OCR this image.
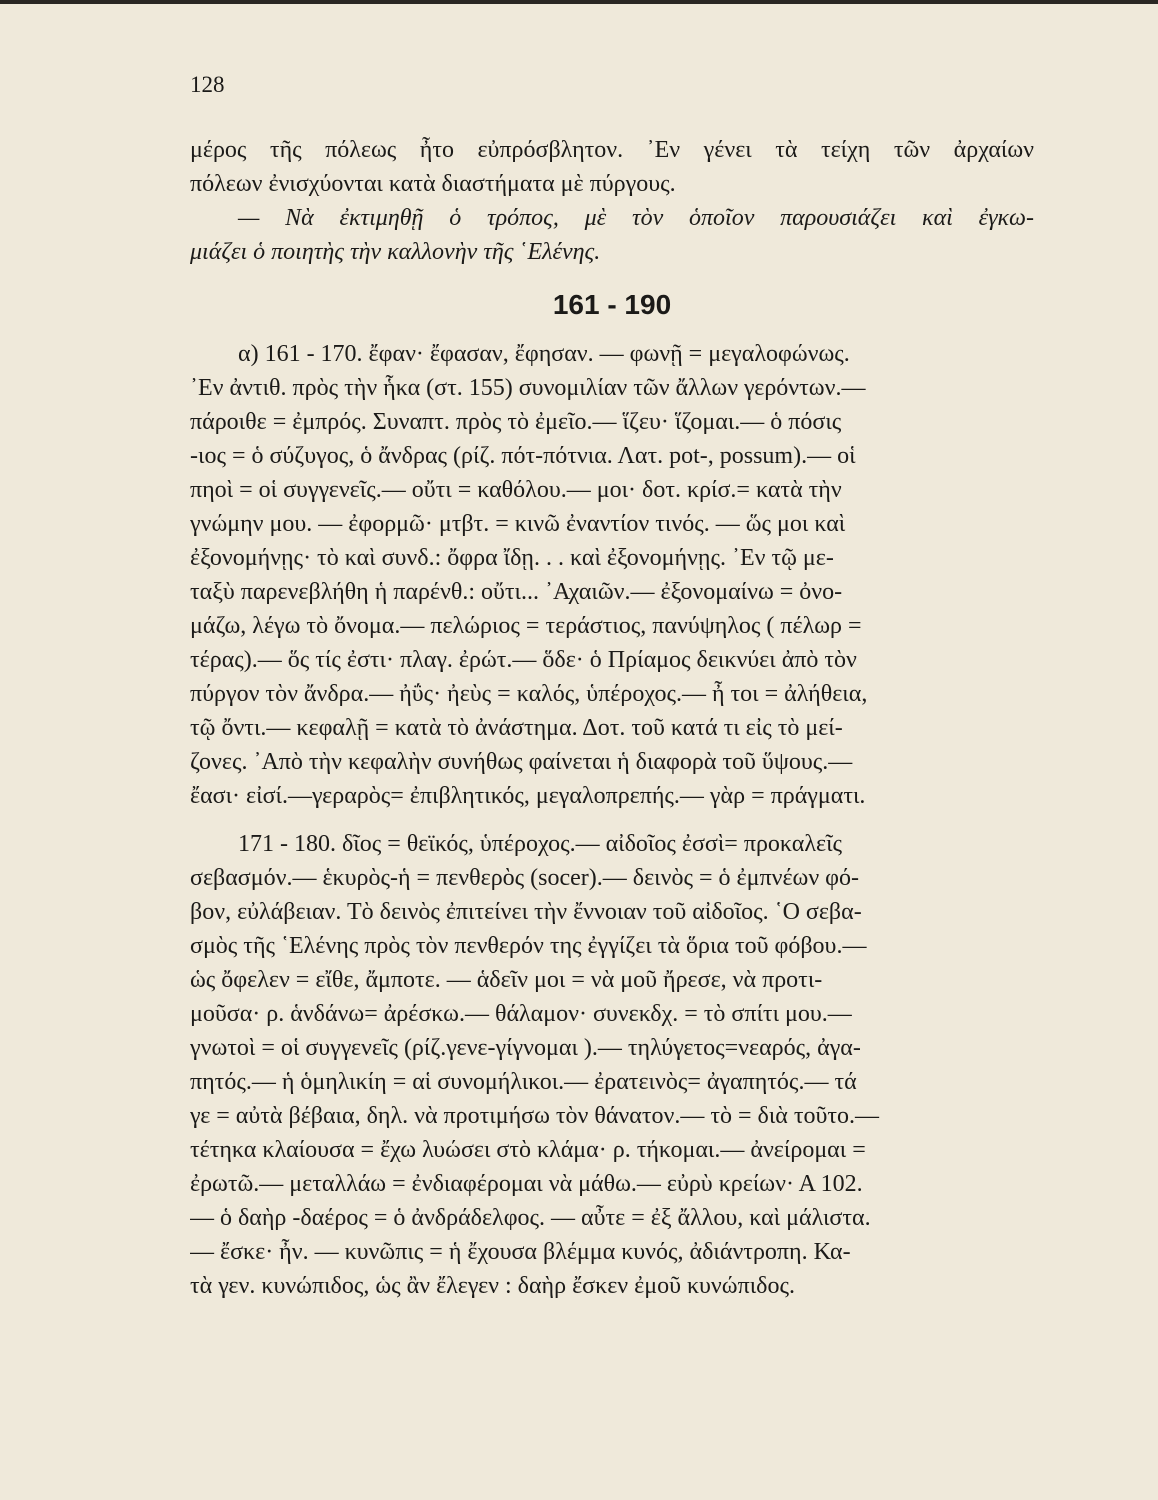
128
μέρος τῆς πόλεως ἦτο εὐπρόσβλητον. ᾿Εν γένει τὰ τείχη τῶν ἀρχαίων
πόλεων ἐνισχύονται κατὰ διαστήματα μὲ πύργους.
— Νὰ ἐκτιμηθῇ ὁ τρόπος, μὲ τὸν ὁποῖον παρουσιάζει καὶ ἐγκω-
μιάζει ὁ ποιητὴς τὴν καλλονὴν τῆς ῾Ελένης.
161 - 190
α) 161 - 170. ἔφαν· ἔφασαν, ἔφησαν. — φωνῇ = μεγαλοφώνως.
᾿Εν ἀντιθ. πρὸς τὴν ἧκα (στ. 155) συνομιλίαν τῶν ἄλλων γερόντων.—
πάροιθε = ἐμπρός. Συναπτ. πρὸς τὸ ἐμεῖο.— ἵζευ· ἵζομαι.— ὁ πόσις
-ιος = ὁ σύζυγος, ὁ ἄνδρας (ρίζ. πότ-πότνια. Λατ. pot-, possum).— οἱ
πηοὶ = οἱ συγγενεῖς.— οὔτι = καθόλου.— μοι· δοτ. κρίσ.= κατὰ τὴν
γνώμην μου. — ἐφορμῶ· μτβτ. = κινῶ ἐναντίον τινός. — ὥς μοι καὶ
ἐξονομήνῃς· τὸ καὶ συνδ.: ὄφρα ἴδῃ. . . καὶ ἐξονομήνῃς. ᾿Εν τῷ με-
ταξὺ παρενεβλήθη ἡ παρένθ.: οὔτι... ᾿Αχαιῶν.— ἐξονομαίνω = ὀνο-
μάζω, λέγω τὸ ὄνομα.— πελώριος = τεράστιος, πανύψηλος ( πέλωρ =
τέρας).— ὅς τίς ἐστι· πλαγ. ἐρώτ.— ὅδε· ὁ Πρίαμος δεικνύει ἀπὸ τὸν
πύργον τὸν ἄνδρα.— ἠΰς· ἠεὺς = καλός, ὑπέροχος.— ἦ τοι = ἀλήθεια,
τῷ ὄντι.— κεφαλῇ = κατὰ τὸ ἀνάστημα. Δοτ. τοῦ κατά τι εἰς τὸ μεί-
ζονες. ᾿Απὸ τὴν κεφαλὴν συνήθως φαίνεται ἡ διαφορὰ τοῦ ὕψους.—
ἔασι· εἰσί.—γεραρὸς= ἐπιβλητικός, μεγαλοπρεπής.— γὰρ = πράγματι.
171 - 180. δῖος = θεϊκός, ὑπέροχος.— αἰδοῖος ἐσσὶ= προκαλεῖς
σεβασμόν.— ἑκυρὸς-ἡ = πενθερὸς (socer).— δεινὸς = ὁ ἐμπνέων φό-
βον, εὐλάβειαν. Τὸ δεινὸς ἐπιτείνει τὴν ἔννοιαν τοῦ αἰδοῖος. ῾Ο σεβα-
σμὸς τῆς ῾Ελένης πρὸς τὸν πενθερόν της ἐγγίζει τὰ ὅρια τοῦ φόβου.—
ὡς ὄφελεν = εἴθε, ἄμποτε. — ἁδεῖν μοι = νὰ μοῦ ἤρεσε, νὰ προτι-
μοῦσα· ρ. ἁνδάνω= ἀρέσκω.— θάλαμον· συνεκδχ. = τὸ σπίτι μου.—
γνωτοὶ = οἱ συγγενεῖς (ρίζ.γενε-γίγνομαι ).— τηλύγετος=νεαρός, ἀγα-
πητός.— ἡ ὁμηλικίη = αἱ συνομήλικοι.— ἐρατεινὸς= ἀγαπητός.— τά
γε = αὐτὰ βέβαια, δηλ. νὰ προτιμήσω τὸν θάνατον.— τὸ = διὰ τοῦτο.—
τέτηκα κλαίουσα = ἔχω λυώσει στὸ κλάμα· ρ. τήκομαι.— ἀνείρομαι =
ἐρωτῶ.— μεταλλάω = ἐνδιαφέρομαι νὰ μάθω.— εὐρὺ κρείων· Α 102.
— ὁ δαὴρ -δαέρος = ὁ ἀνδράδελφος. — αὖτε = ἐξ ἄλλου, καὶ μάλιστα.
— ἔσκε· ἦν. — κυνῶπις = ἡ ἔχουσα βλέμμα κυνός, ἀδιάντροπη. Κα-
τὰ γεν. κυνώπιδος, ὡς ἂν ἔλεγεν : δαὴρ ἔσκεν ἐμοῦ κυνώπιδος.
